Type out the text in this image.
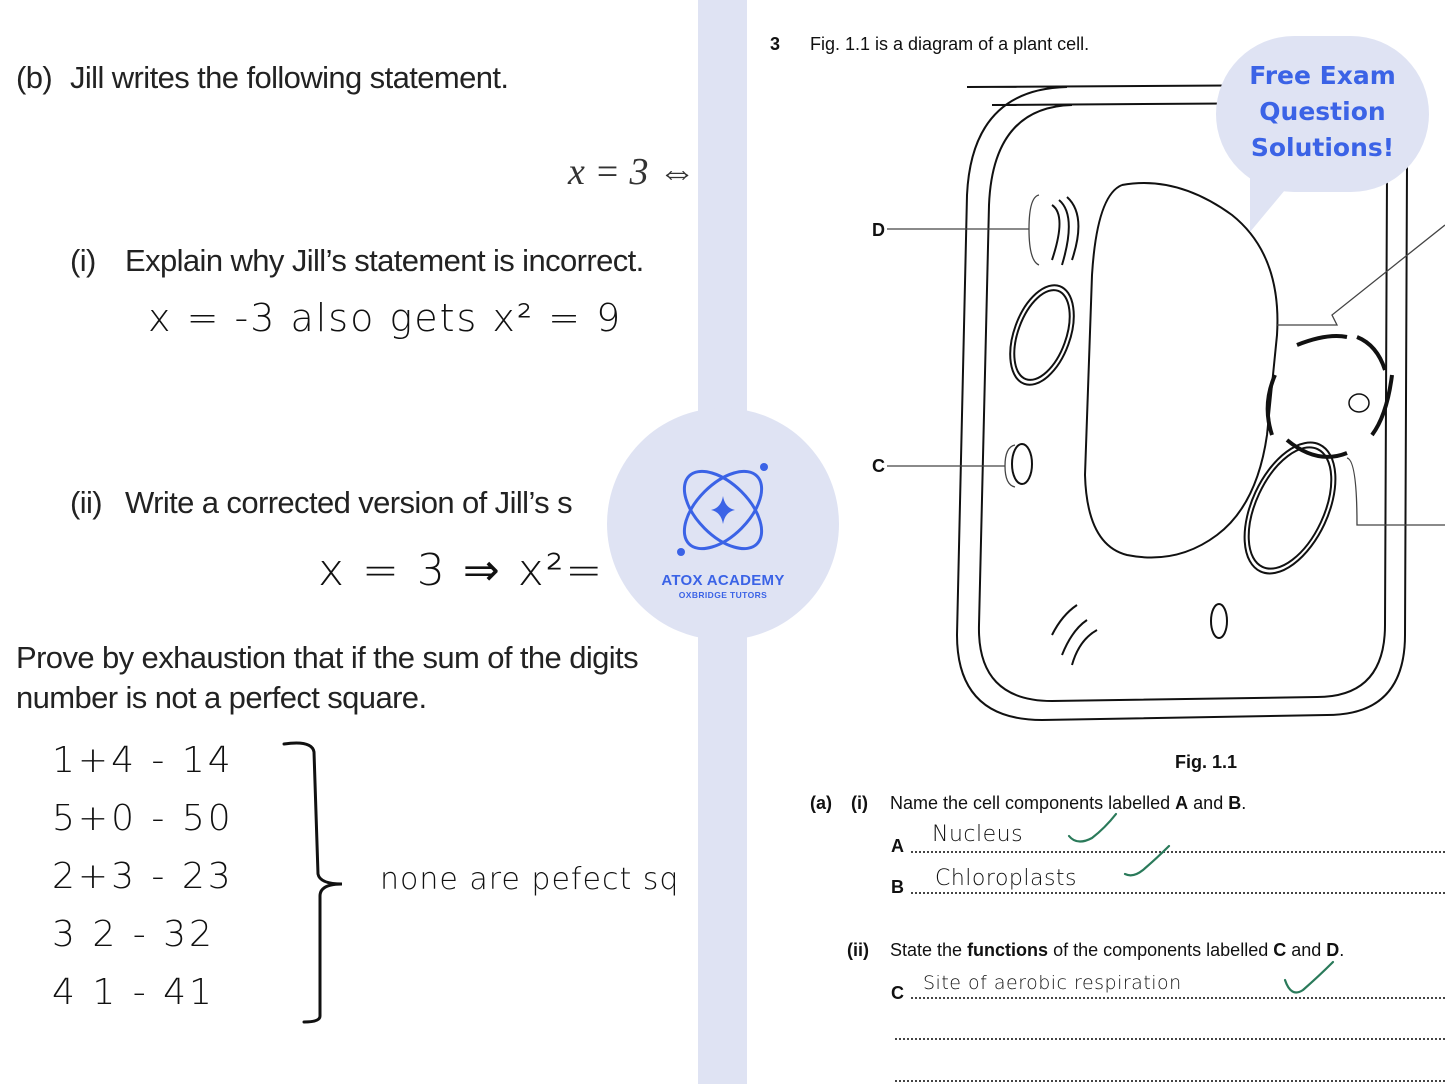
(b) Jill writes the following statement.
x = 3 ⇔
(i) Explain why Jill’s statement is incorrect.
x = -3 also gets x² = 9
(ii) Write a corrected version of Jill’s s
x = 3 ⇒ x²=
Prove by exhaustion that if the sum of the digits
number is not a perfect square.
1+4 - 14
5+0 - 50
2+3 - 23
3 2 - 32
4 1 - 41
none are pefect sq
3 Fig. 1.1 is a diagram of a plant cell.
D
C
Fig. 1.1
(a) (i) Name the cell components labelled A and B.
A Nucleus
B Chloroplasts
(ii) State the functions of the components labelled C and D.
C Site of aerobic respiration
ATOX ACADEMY
OXBRIDGE TUTORS
Free Exam
Question
Solutions!
